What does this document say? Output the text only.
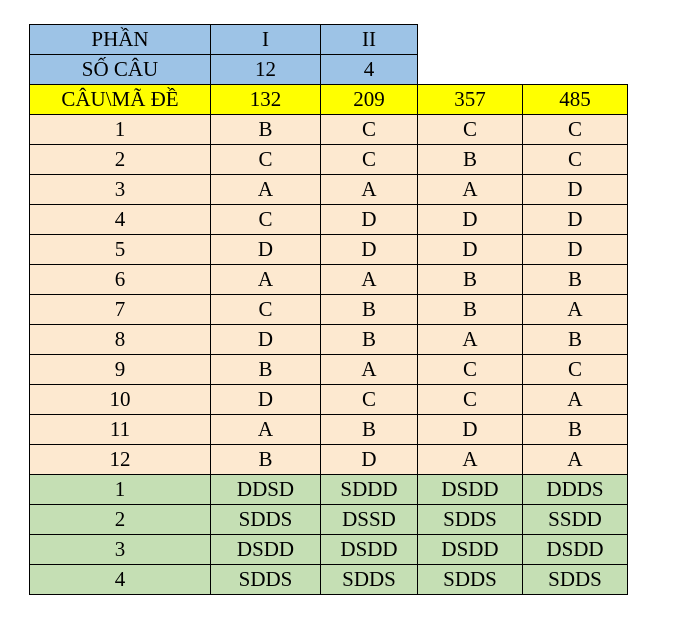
PHẦN	I	II		
SỐ CÂU	12	4		
CÂU\MÃ ĐỀ	132	209	357	485
1	B	C	C	C
2	C	C	B	C
3	A	A	A	D
4	C	D	D	D
5	D	D	D	D
6	A	A	B	B
7	C	B	B	A
8	D	B	A	B
9	B	A	C	C
10	D	C	C	A
11	A	B	D	B
12	B	D	A	A
1	DDSD	SDDD	DSDD	DDDS
2	SDDS	DSSD	SDDS	SSDD
3	DSDD	DSDD	DSDD	DSDD
4	SDDS	SDDS	SDDS	SDDS
